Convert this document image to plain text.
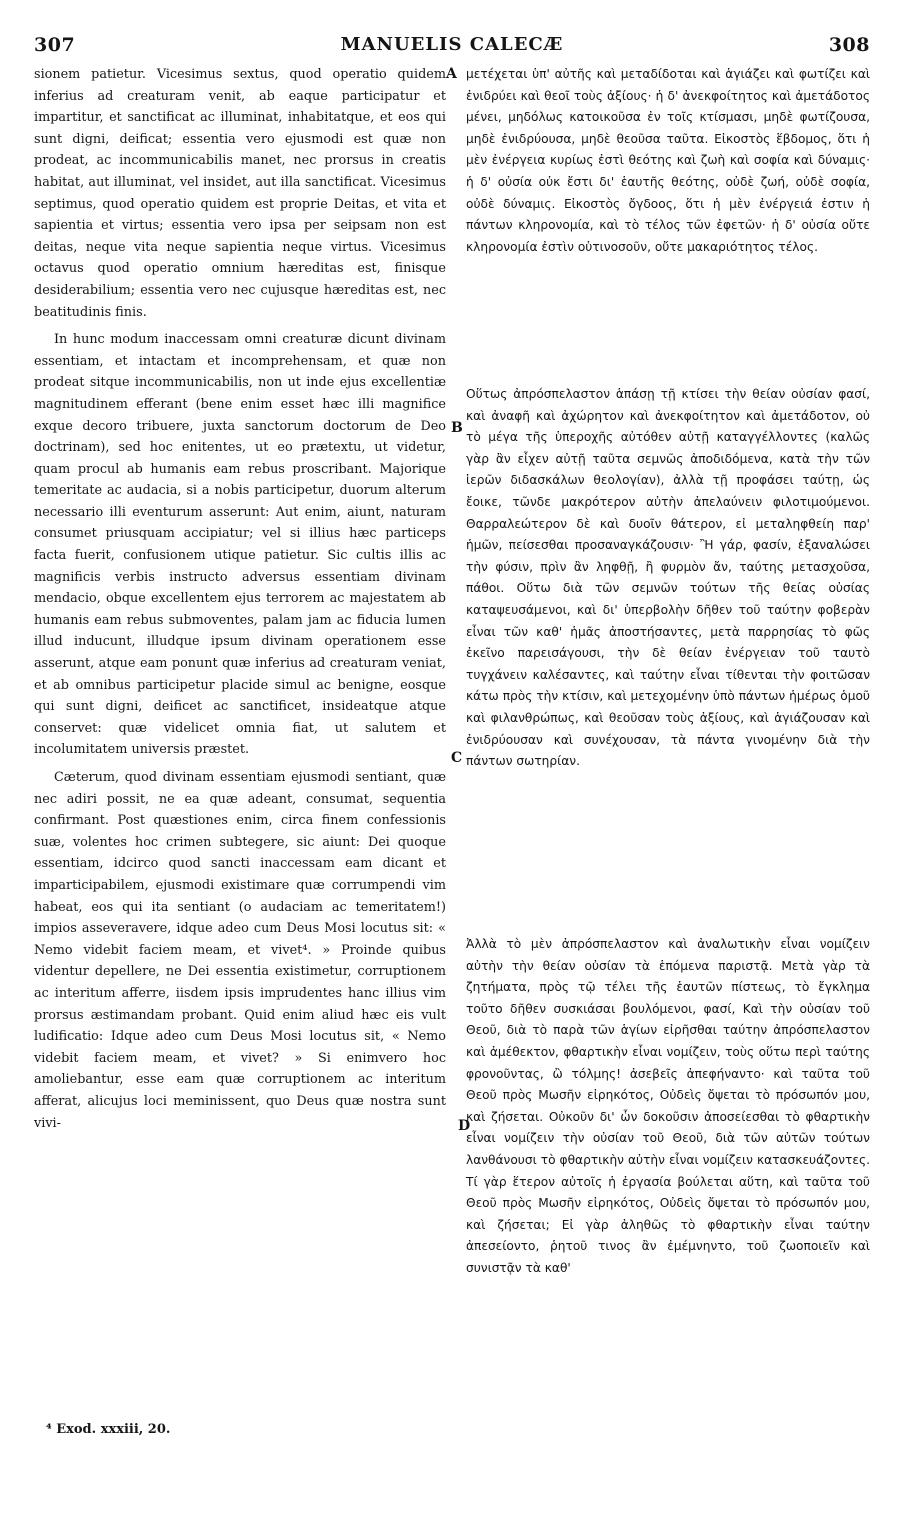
307	MANUELIS CALECÆ	308

sionem patietur. Vicesimus sextus, quod operatio quidem inferius ad creaturam venit, ab eaque participatur et impartitur, et sanctificat ac illuminat, inhabitatque, et eos qui sunt digni, deificat; essentia vero ejusmodi est quæ non prodeat, ac incommunicabilis manet, nec prorsus in creatis habitat, aut illuminat, vel insidet, aut illa sanctificat. Vicesimus septimus, quod operatio quidem est proprie Deitas, et vita et sapientia et virtus; essentia vero ipsa per seipsam non est deitas, neque vita neque sapientia neque virtus. Vicesimus octavus quod operatio omnium hæreditas est, finisque desiderabilium; essentia vero nec cujusque hæreditas est, nec beatitudinis finis.

In hunc modum inaccessam omni creaturæ dicunt divinam essentiam, et intactam et incomprehensam, et quæ non prodeat sitque incommunicabilis, non ut inde ejus excellentiæ magnitudinem efferant (bene enim esset hæc illi magnifice exque decoro tribuere, juxta sanctorum doctorum de Deo doctrinam), sed hoc enitentes, ut eo prætextu, ut videtur, quam procul ab humanis eam rebus proscribant. Majorique temeritate ac audacia, si a nobis participetur, duorum alterum necessario illi eventurum asserunt: Aut enim, aiunt, naturam consumet priusquam accipiatur; vel si illius hæc particeps facta fuerit, confusionem utique patietur. Sic cultis illis ac magnificis verbis instructo adversus essentiam divinam mendacio, obque excellentem ejus terrorem ac majestatem ab humanis eam rebus submoventes, palam jam ac fiducia lumen illud inducunt, illudque ipsum divinam operationem esse asserunt, atque eam ponunt quæ inferius ad creaturam veniat, et ab omnibus participetur placide simul ac benigne, eosque qui sunt digni, deificet ac sanctificet, insideatque atque conservet: quæ videlicet omnia fiat, ut salutem et incolumitatem universis præstet.

Cæterum, quod divinam essentiam ejusmodi sentiant, quæ nec adiri possit, ne ea quæ adeant, consumat, sequentia confirmant. Post quæstiones enim, circa finem confessionis suæ, volentes hoc crimen subtegere, sic aiunt: Dei quoque essentiam, idcirco quod sancti inaccessam eam dicant et imparticipabilem, ejusmodi existimare quæ corrumpendi vim habeat, eos qui ita sentiant (o audaciam ac temeritatem!) impios asseveravere, idque adeo cum Deus Mosi locutus sit: « Nemo videbit faciem meam, et vivet⁴. » Proinde quibus videntur depellere, ne Dei essentia existimetur, corruptionem ac interitum afferre, iisdem ipsis imprudentes hanc illius vim prorsus æstimandam probant. Quid enim aliud hæc eis vult ludificatio: Idque adeo cum Deus Mosi locutus sit, « Nemo videbit faciem meam, et vivet? » Si enimvero hoc amoliebantur, esse eam quæ corruptionem ac interitum afferat, alicujus loci meminissent, quo Deus quæ nostra sunt vivi-

A
B
C
D

μετέχεται ὑπ' αὐτῆς καὶ μεταδίδοται καὶ ἁγιάζει καὶ φωτίζει καὶ ἐνιδρύει καὶ θεοῖ τοὺς ἀξίους· ἡ δ' ἀνεκφοίτητος καὶ ἀμετάδοτος μένει, μηδόλως κατοικοῦσα ἐν τοῖς κτίσμασι, μηδὲ φωτίζουσα, μηδὲ ἐνιδρύουσα, μηδὲ θεοῦσα ταῦτα. Εἰκοστὸς ἕβδομος, ὅτι ἡ μὲν ἐνέργεια κυρίως ἐστὶ θεότης καὶ ζωὴ καὶ σοφία καὶ δύναμις· ἡ δ' οὐσία οὐκ ἔστι δι' ἑαυτῆς θεότης, οὐδὲ ζωή, οὐδὲ σοφία, οὐδὲ δύναμις. Εἰκοστὸς ὄγδοος, ὅτι ἡ μὲν ἐνέργειά ἐστιν ἡ πάντων κληρονομία, καὶ τὸ τέλος τῶν ἐφετῶν· ἡ δ' οὐσία οὔτε κληρονομία ἐστὶν οὑτινοσοῦν, οὔτε μακαριότητος τέλος.

Οὕτως ἀπρόσπελαστον ἁπάσῃ τῇ κτίσει τὴν θείαν οὐσίαν φασί, καὶ ἀναφῆ καὶ ἀχώρητον καὶ ἀνεκφοίτητον καὶ ἀμετάδοτον, οὐ τὸ μέγα τῆς ὑπεροχῆς αὐτόθεν αὐτῇ καταγγέλλοντες (καλῶς γὰρ ἂν εἶχεν αὐτῇ ταῦτα σεμνῶς ἀποδιδόμενα, κατὰ τὴν τῶν ἱερῶν διδασκάλων θεολογίαν), ἀλλὰ τῇ προφάσει ταύτῃ, ὡς ἔοικε, τῶνδε μακρότερον αὐτὴν ἀπελαύνειν φιλοτιμούμενοι. Θαρραλεώτερον δὲ καὶ δυοῖν θάτερον, εἰ μεταληφθείη παρ' ἡμῶν, πείσεσθαι προσαναγκάζουσιν· Ἢ γάρ, φασίν, ἐξαναλώσει τὴν φύσιν, πρὶν ἂν ληφθῇ, ἢ φυρμὸν ἄν, ταύτης μετασχοῦσα, πάθοι. Οὕτω διὰ τῶν σεμνῶν τούτων τῆς θείας οὐσίας καταψευσάμενοι, καὶ δι' ὑπερβολὴν δῆθεν τοῦ ταύτην φοβερὰν εἶναι τῶν καθ' ἡμᾶς ἀποστήσαντες, μετὰ παρρησίας τὸ φῶς ἐκεῖνο παρεισάγουσι, τὴν δὲ θείαν ἐνέργειαν τοῦ ταυτὸ τυγχάνειν καλέσαντες, καὶ ταύτην εἶναι τίθενται τὴν φοιτῶσαν κάτω πρὸς τὴν κτίσιν, καὶ μετεχομένην ὑπὸ πάντων ἡμέρως ὁμοῦ καὶ φιλανθρώπως, καὶ θεοῦσαν τοὺς ἀξίους, καὶ ἁγιάζουσαν καὶ ἐνιδρύουσαν καὶ συνέχουσαν, τὰ πάντα γινομένην διὰ τὴν πάντων σωτηρίαν.

Ἀλλὰ τὸ μὲν ἀπρόσπελαστον καὶ ἀναλωτικὴν εἶναι νομίζειν αὐτὴν τὴν θείαν οὐσίαν τὰ ἑπόμενα παριστᾷ. Μετὰ γὰρ τὰ ζητήματα, πρὸς τῷ τέλει τῆς ἑαυτῶν πίστεως, τὸ ἔγκλημα τοῦτο δῆθεν συσκιάσαι βουλόμενοι, φασί, Καὶ τὴν οὐσίαν τοῦ Θεοῦ, διὰ τὸ παρὰ τῶν ἁγίων εἰρῆσθαι ταύτην ἀπρόσπελαστον καὶ ἀμέθεκτον, φθαρτικὴν εἶναι νομίζειν, τοὺς οὕτω περὶ ταύτης φρονοῦντας, ὢ τόλμης! ἀσεβεῖς ἀπεφήναντο· καὶ ταῦτα τοῦ Θεοῦ πρὸς Μωσῆν εἰρηκότος, Οὐδεὶς ὄψεται τὸ πρόσωπόν μου, καὶ ζήσεται. Οὐκοῦν δι' ὧν δοκοῦσιν ἀποσείεσθαι τὸ φθαρτικὴν εἶναι νομίζειν τὴν οὐσίαν τοῦ Θεοῦ, διὰ τῶν αὐτῶν τούτων λανθάνουσι τὸ φθαρτικὴν αὐτὴν εἶναι νομίζειν κατασκευάζοντες. Τί γὰρ ἕτερον αὐτοῖς ἡ ἐργασία βούλεται αὕτη, καὶ ταῦτα τοῦ Θεοῦ πρὸς Μωσῆν εἰρηκότος, Οὐδεὶς ὄψεται τὸ πρόσωπόν μου, καὶ ζήσεται; Εἰ γὰρ ἀληθῶς τὸ φθαρτικὴν εἶναι ταύτην ἀπεσείοντο, ῥητοῦ τινος ἂν ἐμέμνηντο, τοῦ ζωοποιεῖν καὶ συνιστᾷν τὰ καθ'

⁴ Exod. xxxiii, 20.
